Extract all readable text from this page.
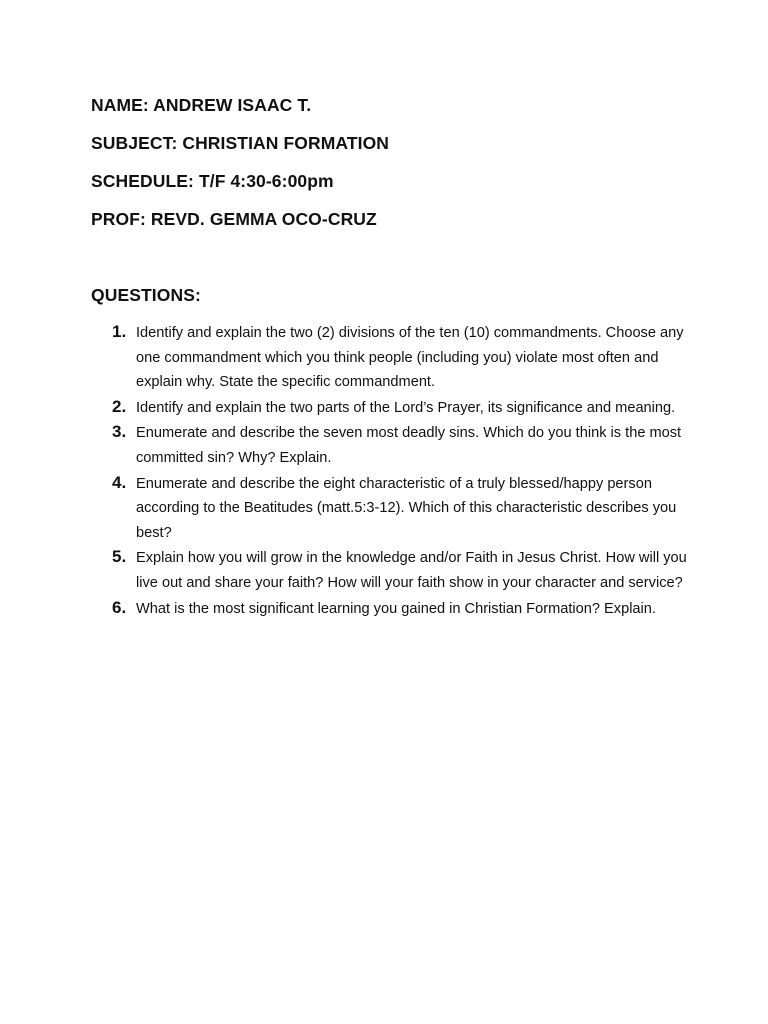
NAME: ANDREW ISAAC T.
SUBJECT: CHRISTIAN FORMATION
SCHEDULE: T/F 4:30-6:00pm
PROF: REVD. GEMMA OCO-CRUZ
QUESTIONS:
1. Identify and explain the two (2) divisions of the ten (10) commandments. Choose any one commandment which you think people (including you) violate most often and explain why. State the specific commandment.
2. Identify and explain the two parts of the Lord’s Prayer, its significance and meaning.
3. Enumerate and describe the seven most deadly sins. Which do you think is the most committed sin? Why? Explain.
4. Enumerate and describe the eight characteristic of a truly blessed/happy person according to the Beatitudes (matt.5:3-12). Which of this characteristic describes you best?
5. Explain how you will grow in the knowledge and/or Faith in Jesus Christ. How will you live out and share your faith? How will your faith show in your character and service?
6. What is the most significant learning you gained in Christian Formation? Explain.
